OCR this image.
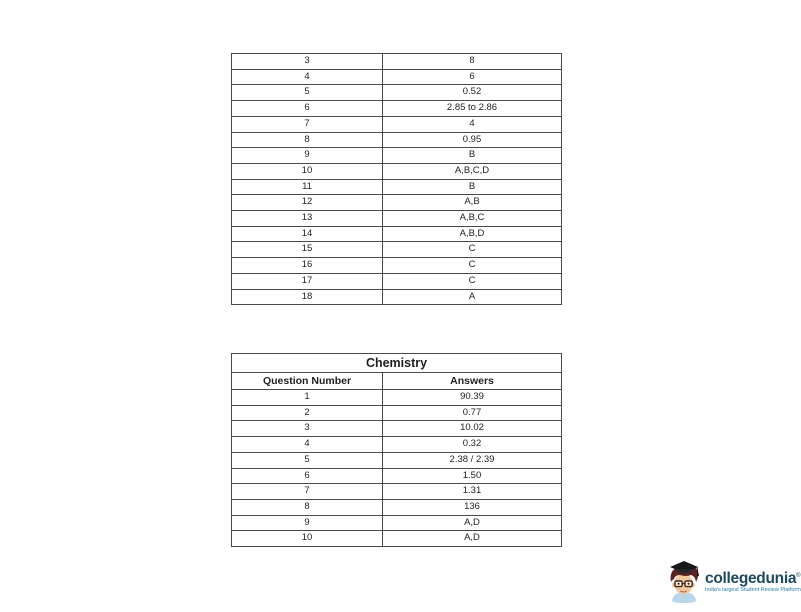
3	8
4	6
5	0.52
6	2.85 to 2.86
7	4
8	0.95
9	B
10	A,B,C,D
11	B
12	A,B
13	A,B,C
14	A,B,D
15	C
16	C
17	C
18	A
Chemistry	
Question Number	Answers
1	90.39
2	0.77
3	10.02
4	0.32
5	2.38 / 2.39
6	1.50
7	1.31
8	136
9	A,D
10	A,D
collegedunia®
India's largest Student Review Platform
